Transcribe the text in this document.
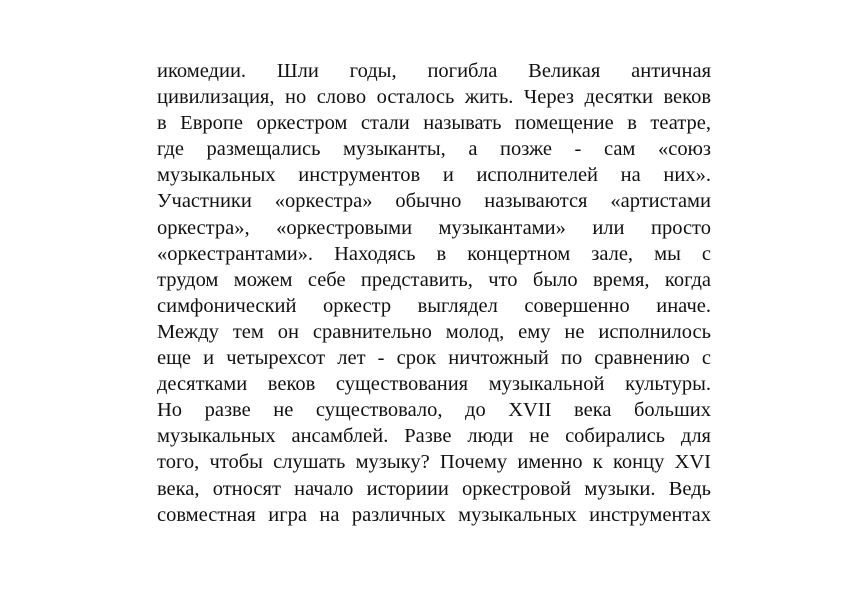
икомедии. Шли годы, погибла Великая античная
цивилизация, но слово осталось жить. Через десятки веков
в Европе оркестром стали называть помещение в театре,
где размещались музыканты, а позже - сам «союз
музыкальных инструментов и исполнителей на них».
Участники «оркестра» обычно называются «артистами
оркестра», «оркестровыми музыкантами» или просто
«оркестрантами». Находясь в концертном зале, мы с
трудом можем себе представить, что было время, когда
симфонический оркестр выглядел совершенно иначе.
Между тем он сравнительно молод, ему не исполнилось
еще и четырехсот лет - срок ничтожный по сравнению с
десятками веков существования музыкальной культуры.
Но разве не существовало, до XVII века больших
музыкальных ансамблей. Разве люди не собирались для
того, чтобы слушать музыку? Почему именно к концу XVI
века, относят начало историии оркестровой музыки. Ведь
совместная игра на различных музыкальных инструментах
